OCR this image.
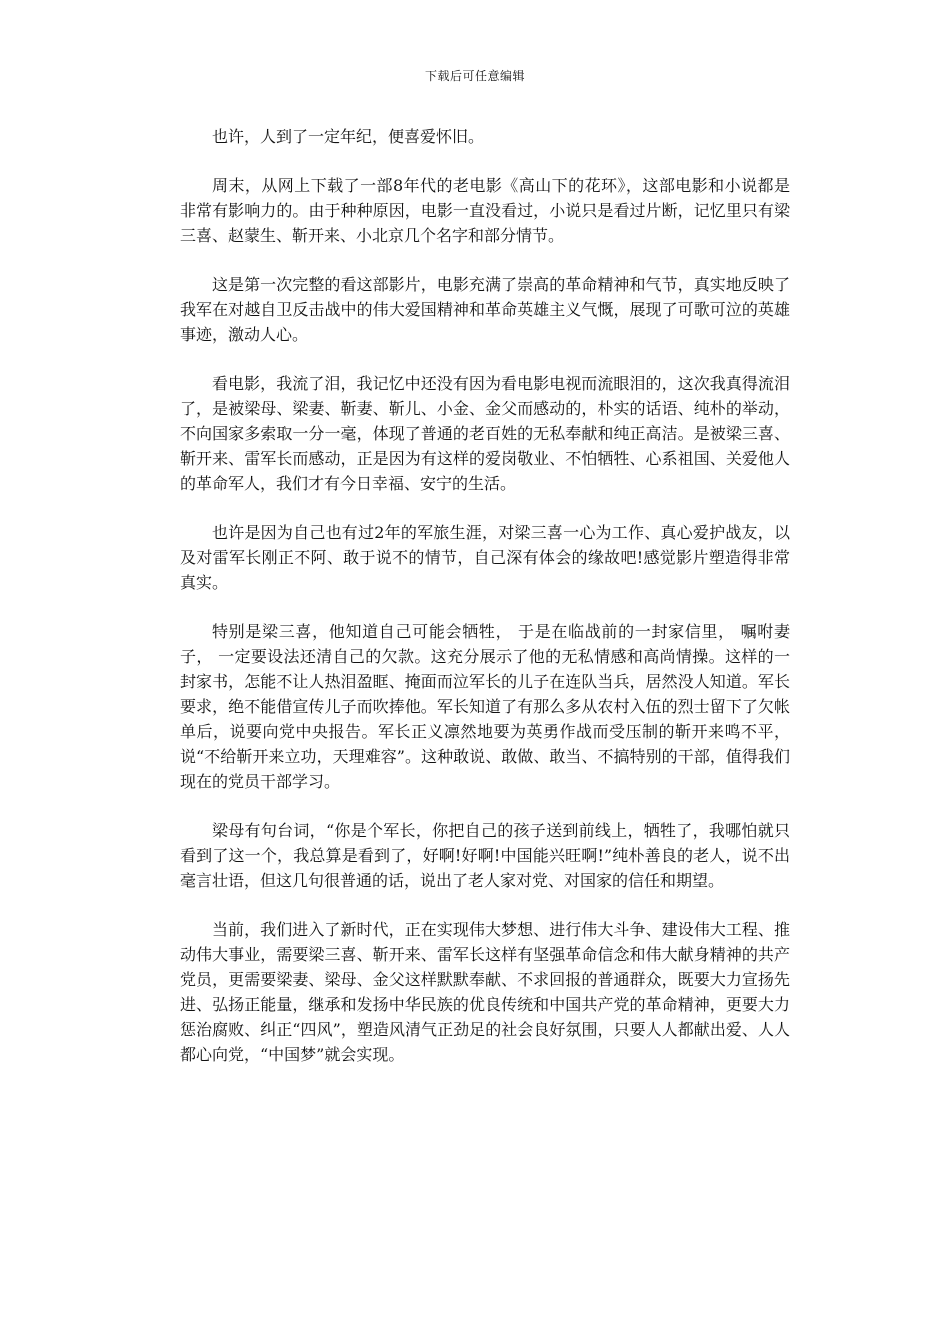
下载后可任意编辑

也许，人到了一定年纪，便喜爱怀旧。

周末，从网上下载了一部8年代的老电影《高山下的花环》，这部电影和小说都是非常有影响力的。由于种种原因，电影一直没看过，小说只是看过片断，记忆里只有梁三喜、赵蒙生、靳开来、小北京几个名字和部分情节。

这是第一次完整的看这部影片，电影充满了崇高的革命精神和气节，真实地反映了我军在对越自卫反击战中的伟大爱国精神和革命英雄主义气慨，展现了可歌可泣的英雄事迹，激动人心。

看电影，我流了泪，我记忆中还没有因为看电影电视而流眼泪的，这次我真得流泪了，是被梁母、梁妻、靳妻、靳儿、小金、金父而感动的，朴实的话语、纯朴的举动，不向国家多索取一分一毫，体现了普通的老百姓的无私奉献和纯正高洁。是被梁三喜、靳开来、雷军长而感动，正是因为有这样的爱岗敬业、不怕牺牲、心系祖国、关爱他人的革命军人，我们才有今日幸福、安宁的生活。

也许是因为自己也有过2年的军旅生涯，对梁三喜一心为工作、真心爱护战友，以及对雷军长刚正不阿、敢于说不的情节，自己深有体会的缘故吧!感觉影片塑造得非常真实。

特别是梁三喜，他知道自己可能会牺牲， 于是在临战前的一封家信里， 嘱咐妻子， 一定要设法还清自己的欠款。这充分展示了他的无私情感和高尚情操。这样的一封家书，怎能不让人热泪盈眶、掩面而泣军长的儿子在连队当兵，居然没人知道。军长要求，绝不能借宣传儿子而吹捧他。军长知道了有那么多从农村入伍的烈士留下了欠帐单后，说要向党中央报告。军长正义凛然地要为英勇作战而受压制的靳开来鸣不平，说“不给靳开来立功，天理难容”。这种敢说、敢做、敢当、不搞特别的干部，值得我们现在的党员干部学习。

梁母有句台词，“你是个军长，你把自己的孩子送到前线上，牺牲了，我哪怕就只看到了这一个，我总算是看到了，好啊!好啊!中国能兴旺啊!”纯朴善良的老人，说不出毫言壮语，但这几句很普通的话，说出了老人家对党、对国家的信任和期望。

当前，我们进入了新时代，正在实现伟大梦想、进行伟大斗争、建设伟大工程、推动伟大事业，需要梁三喜、靳开来、雷军长这样有坚强革命信念和伟大献身精神的共产党员，更需要梁妻、梁母、金父这样默默奉献、不求回报的普通群众，既要大力宣扬先进、弘扬正能量，继承和发扬中华民族的优良传统和中国共产党的革命精神，更要大力惩治腐败、纠正“四风”，塑造风清气正劲足的社会良好氛围，只要人人都献出爱、人人都心向党，“中国梦”就会实现。
